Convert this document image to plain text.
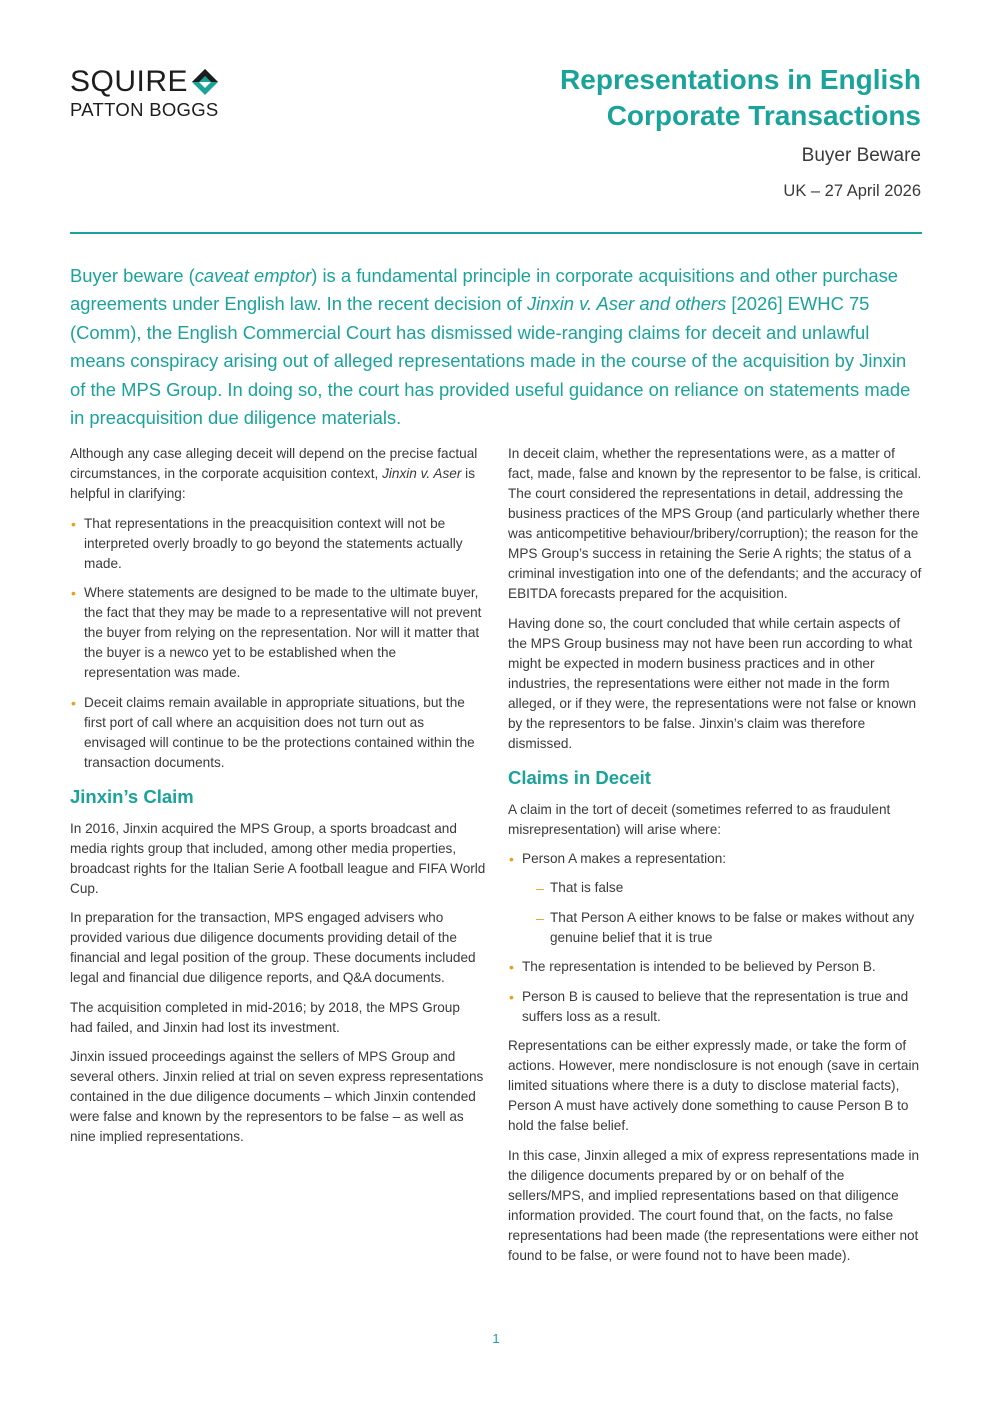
SQUIRE
PATTON BOGGS
Representations in English
Corporate Transactions
Buyer Beware
UK – 27 April 2026
Buyer beware (caveat emptor) is a fundamental principle in corporate acquisitions and other purchase agreements under English law. In the recent decision of Jinxin v. Aser and others [2026] EWHC 75 (Comm), the English Commercial Court has dismissed wide-ranging claims for deceit and unlawful means conspiracy arising out of alleged representations made in the course of the acquisition by Jinxin of the MPS Group. In doing so, the court has provided useful guidance on reliance on statements made in preacquisition due diligence materials.

Although any case alleging deceit will depend on the precise factual circumstances, in the corporate acquisition context, Jinxin v. Aser is helpful in clarifying:

• That representations in the preacquisition context will not be interpreted overly broadly to go beyond the statements actually made.
• Where statements are designed to be made to the ultimate buyer, the fact that they may be made to a representative will not prevent the buyer from relying on the representation. Nor will it matter that the buyer is a newco yet to be established when the representation was made.
• Deceit claims remain available in appropriate situations, but the first port of call where an acquisition does not turn out as envisaged will continue to be the protections contained within the transaction documents.
Jinxin’s Claim

In 2016, Jinxin acquired the MPS Group, a sports broadcast and media rights group that included, among other media properties, broadcast rights for the Italian Serie A football league and FIFA World Cup.

In preparation for the transaction, MPS engaged advisers who provided various due diligence documents providing detail of the financial and legal position of the group. These documents included legal and financial due diligence reports, and Q&A documents.

The acquisition completed in mid-2016; by 2018, the MPS Group had failed, and Jinxin had lost its investment.

Jinxin issued proceedings against the sellers of MPS Group and several others. Jinxin relied at trial on seven express representations contained in the due diligence documents – which Jinxin contended were false and known by the representors to be false – as well as nine implied representations.

In deceit claim, whether the representations were, as a matter of fact, made, false and known by the representor to be false, is critical. The court considered the representations in detail, addressing the business practices of the MPS Group (and particularly whether there was anticompetitive behaviour/bribery/corruption); the reason for the MPS Group’s success in retaining the Serie A rights; the status of a criminal investigation into one of the defendants; and the accuracy of EBITDA forecasts prepared for the acquisition.

Having done so, the court concluded that while certain aspects of the MPS Group business may not have been run according to what might be expected in modern business practices and in other industries, the representations were either not made in the form alleged, or if they were, the representations were not false or known by the representors to be false. Jinxin’s claim was therefore dismissed.

Claims in Deceit

A claim in the tort of deceit (sometimes referred to as fraudulent misrepresentation) will arise where:

• Person A makes a representation:
– That is false
– That Person A either knows to be false or makes without any genuine belief that it is true
• The representation is intended to be believed by Person B.
• Person B is caused to believe that the representation is true and suffers loss as a result.

Representations can be either expressly made, or take the form of actions. However, mere nondisclosure is not enough (save in certain limited situations where there is a duty to disclose material facts), Person A must have actively done something to cause Person B to hold the false belief.

In this case, Jinxin alleged a mix of express representations made in the diligence documents prepared by or on behalf of the sellers/MPS, and implied representations based on that diligence information provided. The court found that, on the facts, no false representations had been made (the representations were either not found to be false, or were found not to have been made).

1
